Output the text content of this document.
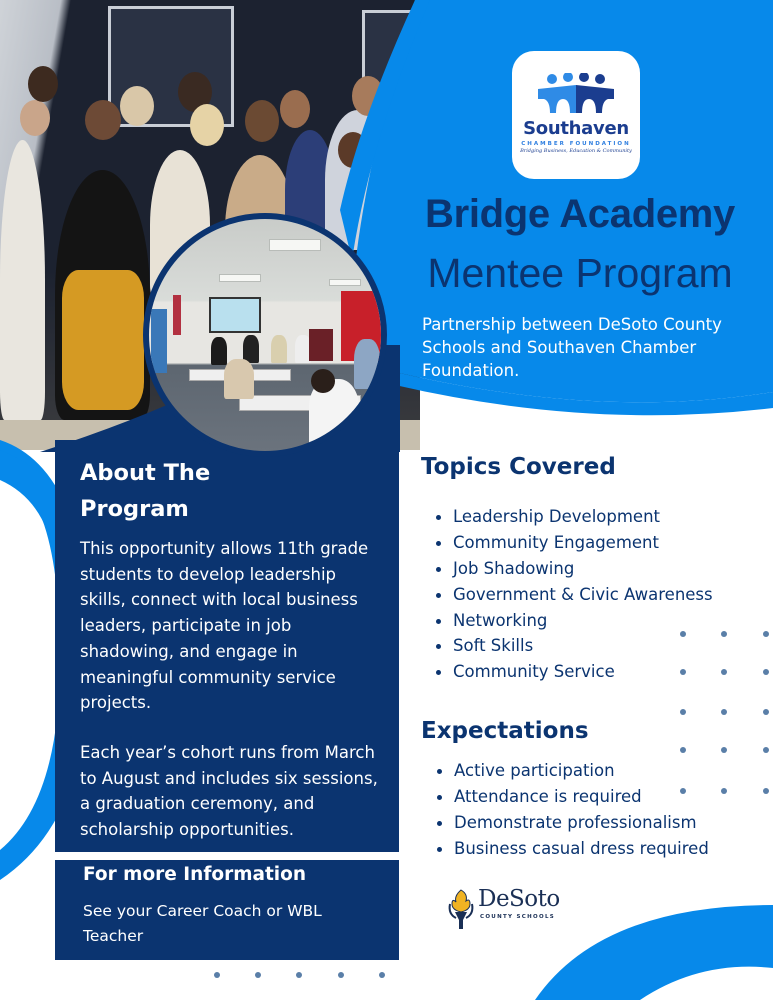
Southaven
CHAMBER FOUNDATION
Bridging Business, Education & Community
Bridge Academy
Mentee Program
Partnership between DeSoto County Schools and Southaven Chamber Foundation.
About The
Program
This opportunity allows 11th grade students to develop leadership skills, connect with local business leaders, participate in job shadowing, and engage in meaningful community service projects.
Each year’s cohort runs from March to August and includes six sessions, a graduation ceremony, and scholarship opportunities.
For more Information
See your Career Coach or WBL Teacher
Topics Covered
Leadership Development
Community Engagement
Job Shadowing
Government & Civic Awareness
Networking
Soft Skills
Community Service
Expectations
Active participation
Attendance is required
Demonstrate professionalism
Business casual dress required
DeSoto
COUNTY SCHOOLS
